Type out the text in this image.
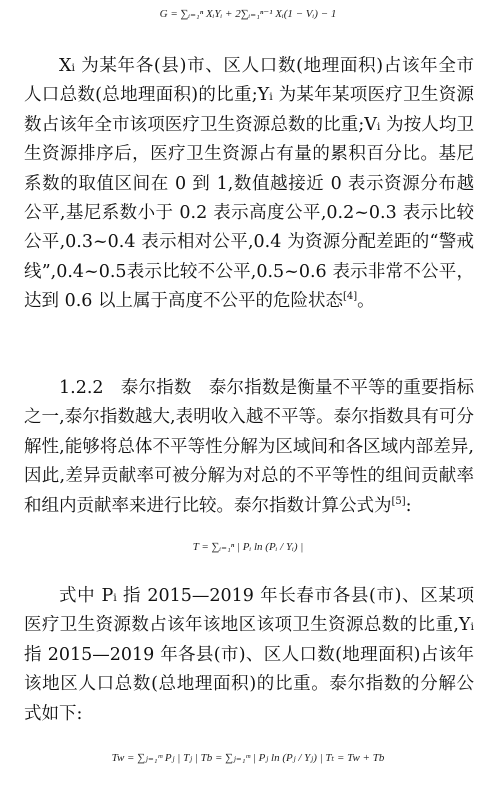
G = ∑ᵢ₌₁ⁿ XᵢYᵢ + 2∑ᵢ₌₁ⁿ⁻¹ Xᵢ(1 − Vᵢ) − 1

Xᵢ 为某年各(县)市、区人口数(地理面积)占该年全市人口总数(总地理面积)的比重;Yᵢ 为某年某项医疗卫生资源数占该年全市该项医疗卫生资源总数的比重;Vᵢ 为按人均卫生资源排序后，医疗卫生资源占有量的累积百分比。基尼系数的取值区间在 0 到 1,数值越接近 0 表示资源分布越公平,基尼系数小于 0.2 表示高度公平,0.2~0.3 表示比较公平,0.3~0.4 表示相对公平,0.4 为资源分配差距的“警戒线”,0.4~0.5表示比较不公平,0.5~0.6 表示非常不公平，达到 0.6 以上属于高度不公平的危险状态[4]。

1.2.2 泰尔指数 泰尔指数是衡量不平等的重要指标之一,泰尔指数越大,表明收入越不平等。泰尔指数具有可分解性,能够将总体不平等性分解为区域间和各区域内部差异,因此,差异贡献率可被分解为对总的不平等性的组间贡献率和组内贡献率来进行比较。泰尔指数计算公式为[5]:

T = ∑ᵢ₌₁ⁿ | Pᵢ ln (Pᵢ / Yᵢ) |

式中 Pᵢ 指 2015—2019 年长春市各县(市)、区某项医疗卫生资源数占该年该地区该项卫生资源总数的比重,Yᵢ 指 2015—2019 年各县(市)、区人口数(地理面积)占该年该地区人口总数(总地理面积)的比重。泰尔指数的分解公式如下:

Tw = ∑ⱼ₌₁ᵐ Pⱼ | Tⱼ | Tb = ∑ⱼ₌₁ᵐ | Pⱼ ln (Pⱼ / Yⱼ) | Tₜ = Tw + Tb
